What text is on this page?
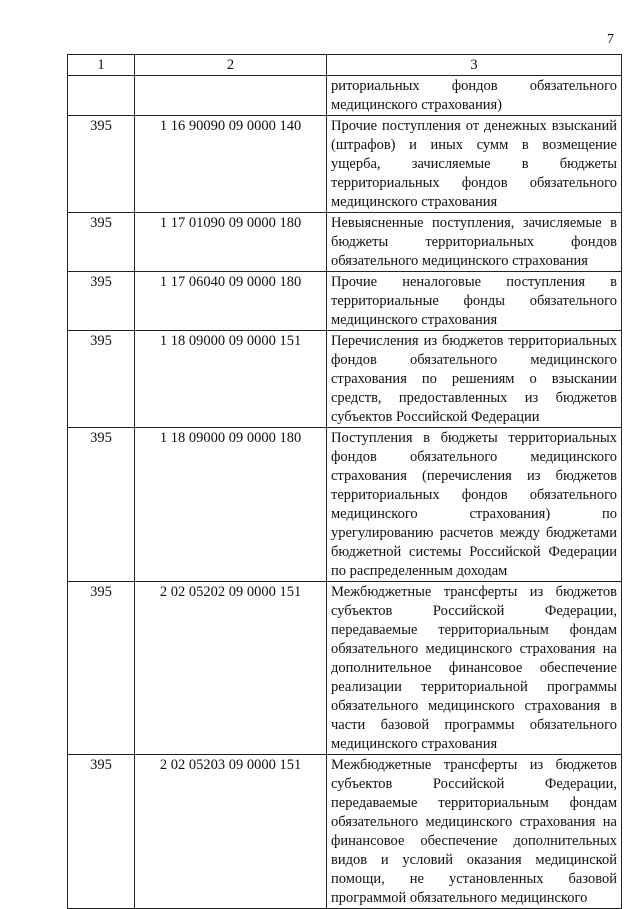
7
1	2	3
		риториальных фондов обязательного медицинского страхования)
395	1 16 90090 09 0000 140	Прочие поступления от денежных взысканий (штрафов) и иных сумм в возмещение ущерба, зачисляемые в бюджеты территориальных фондов обязательного медицинского страхования
395	1 17 01090 09 0000 180	Невыясненные поступления, зачисляемые в бюджеты территориальных фондов обязательного медицинского страхования
395	1 17 06040 09 0000 180	Прочие неналоговые поступления в территориальные фонды обязательного медицинского страхования
395	1 18 09000 09 0000 151	Перечисления из бюджетов территориальных фондов обязательного медицинского страхования по решениям о взыскании средств, предоставленных из бюджетов субъектов Российской Федерации
395	1 18 09000 09 0000 180	Поступления в бюджеты территориальных фондов обязательного медицинского страхования (перечисления из бюджетов территориальных фондов обязательного медицинского страхования) по урегулированию расчетов между бюджетами бюджетной системы Российской Федерации по распределенным доходам
395	2 02 05202 09 0000 151	Межбюджетные трансферты из бюджетов субъектов Российской Федерации, передаваемые территориальным фондам обязательного медицинского страхования на дополнительное финансовое обеспечение реализации территориальной программы обязательного медицинского страхования в части базовой программы обязательного медицинского страхования
395	2 02 05203 09 0000 151	Межбюджетные трансферты из бюджетов субъектов Российской Федерации, передаваемые территориальным фондам обязательного медицинского страхования на финансовое обеспечение дополнительных видов и условий оказания медицинской помощи, не установленных базовой программой обязательного медицинского
